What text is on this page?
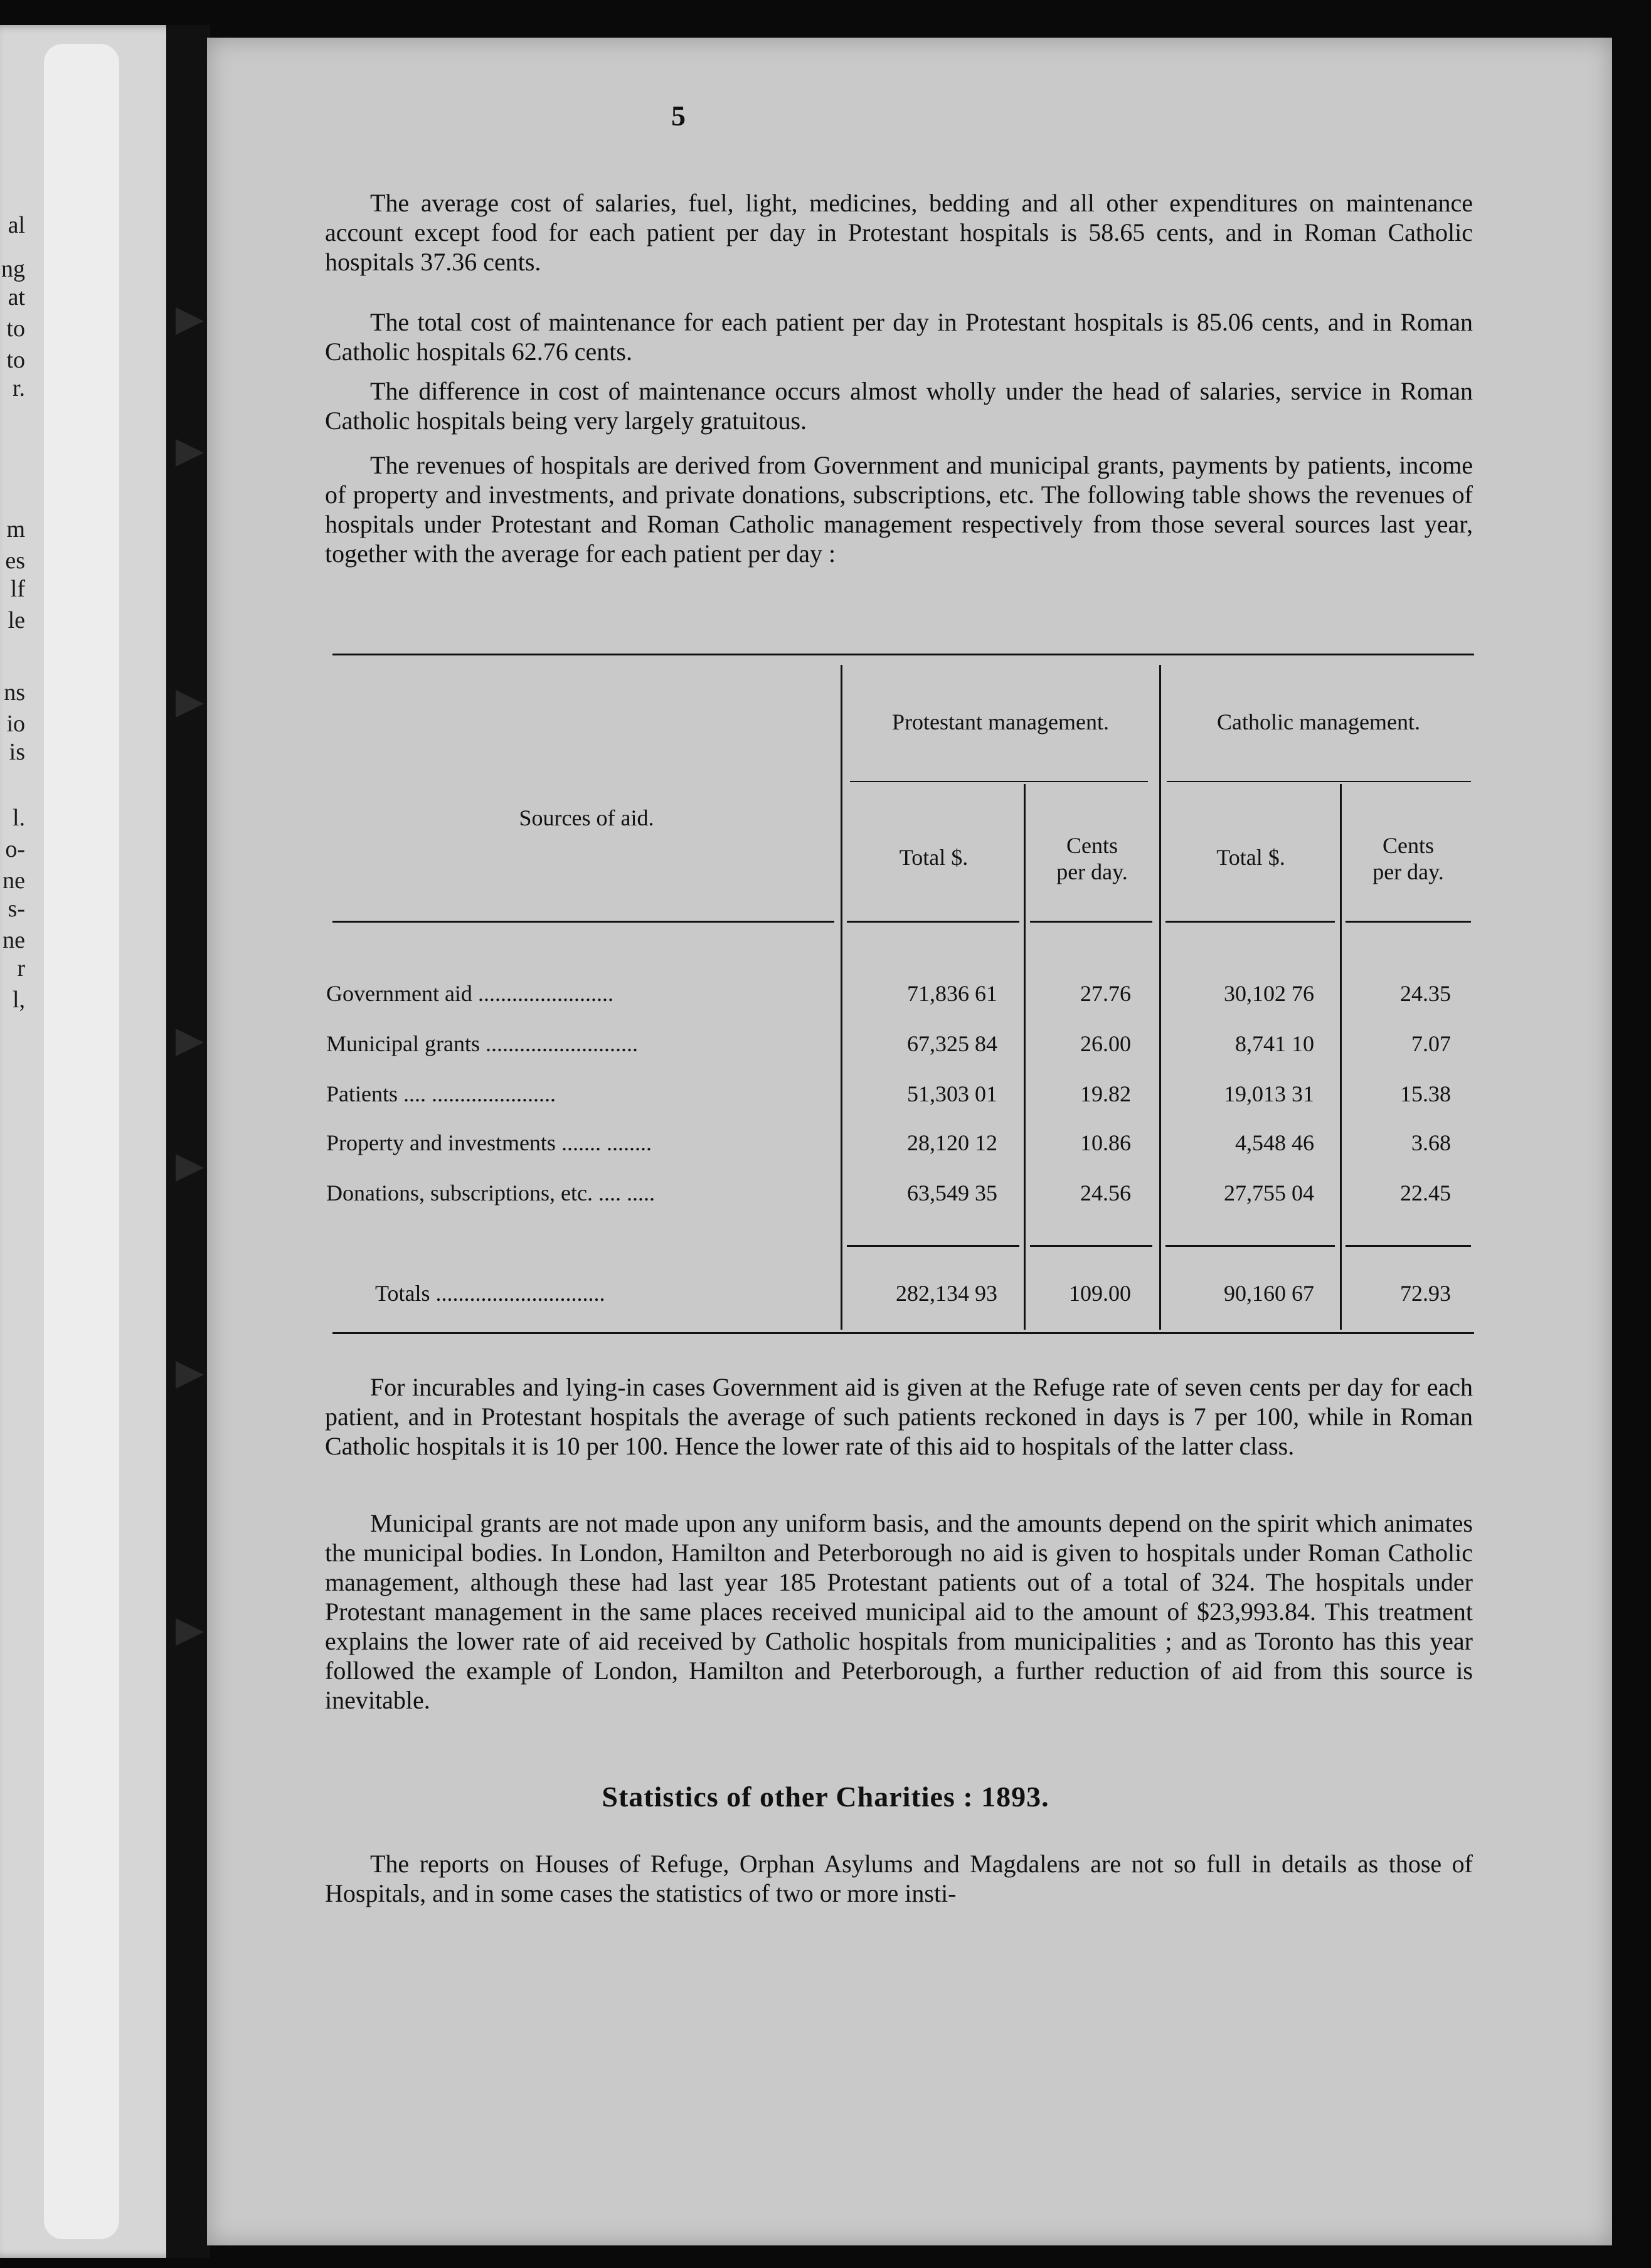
al
ng
at
to
to
r.
m
es
lf
le
ns
io
is
l.
o-
ne
s-
ne
r
l,
5

The average cost of salaries, fuel, light, medicines, bedding and all other expenditures on maintenance account except food for each patient per day in Protestant hospitals is 58.65 cents, and in Roman Catholic hospitals 37.36 cents.

The total cost of maintenance for each patient per day in Protestant hospitals is 85.06 cents, and in Roman Catholic hospitals 62.76 cents.

The difference in cost of maintenance occurs almost wholly under the head of salaries, service in Roman Catholic hospitals being very largely gratuitous.

The revenues of hospitals are derived from Government and municipal grants, payments by patients, income of property and investments, and private donations, subscriptions, etc. The following table shows the revenues of hospitals under Protestant and Roman Catholic management respectively from those several sources last year, together with the average for each patient per day :

Sources of aid.
Protestant management.	Catholic management.
Total $.	Cents
per day.
Total $.	Cents
per day.
Government aid ........................	71,836 61	27.76	30,102 76	24.35
Municipal grants ...........................	67,325 84	26.00	8,741 10	7.07
Patients .... ......................	51,303 01	19.82	19,013 31	15.38
Property and investments ....... ........	28,120 12	10.86	4,548 46	3.68
Donations, subscriptions, etc. .... .....	63,549 35	24.56	27,755 04	22.45
Totals ..............................	282,134 93	109.00	90,160 67	72.93

For incurables and lying-in cases Government aid is given at the Refuge rate of seven cents per day for each patient, and in Protestant hospitals the average of such patients reckoned in days is 7 per 100, while in Roman Catholic hospitals it is 10 per 100. Hence the lower rate of this aid to hospitals of the latter class.

Municipal grants are not made upon any uniform basis, and the amounts depend on the spirit which animates the municipal bodies. In London, Hamilton and Peterborough no aid is given to hospitals under Roman Catholic management, although these had last year 185 Protestant patients out of a total of 324. The hospitals under Protestant management in the same places received municipal aid to the amount of $23,993.84. This treatment explains the lower rate of aid received by Catholic hospitals from municipalities ; and as Toronto has this year followed the example of London, Hamilton and Peterborough, a further reduction of aid from this source is inevitable.

Statistics of other Charities : 1893.

The reports on Houses of Refuge, Orphan Asylums and Magdalens are not so full in details as those of Hospitals, and in some cases the statistics of two or more insti-
